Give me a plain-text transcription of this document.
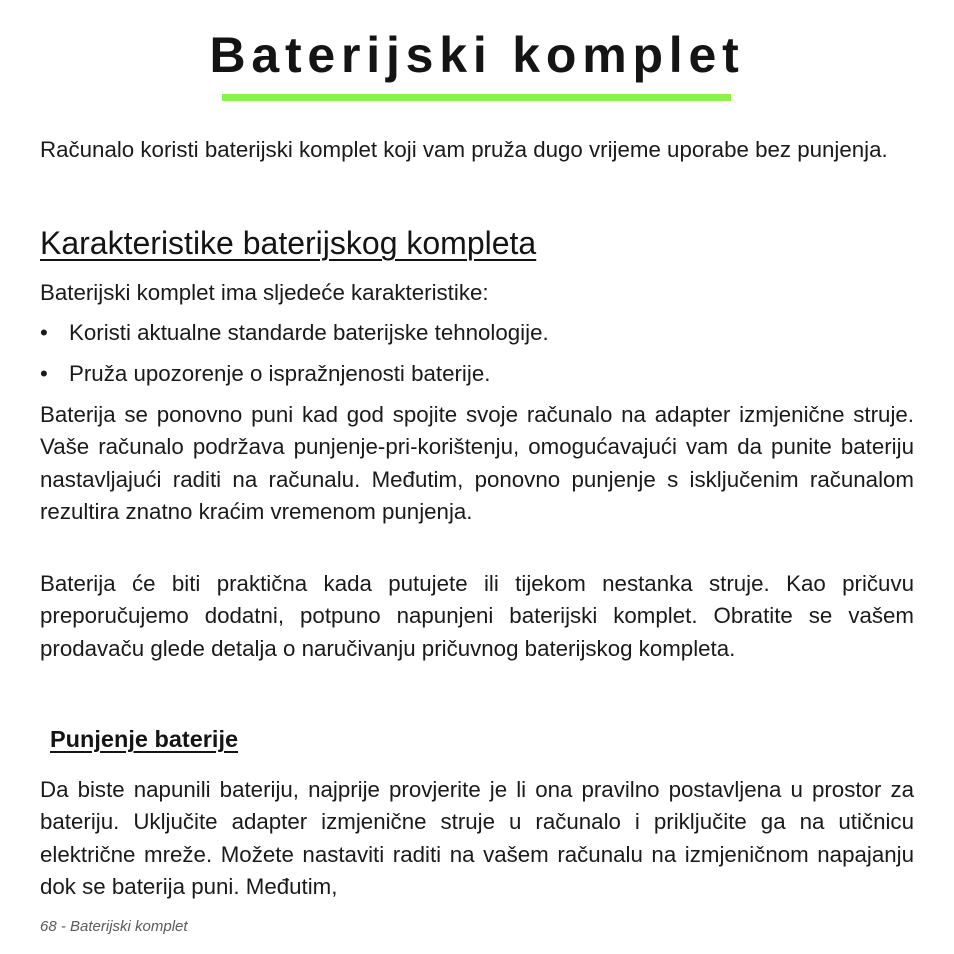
Baterijski komplet

Računalo koristi baterijski komplet koji vam pruža dugo vrijeme uporabe bez punjenja.

Karakteristike baterijskog kompleta

Baterijski komplet ima sljedeće karakteristike:

• Koristi aktualne standarde baterijske tehnologije.
• Pruža upozorenje o ispražnjenosti baterije.

Baterija se ponovno puni kad god spojite svoje računalo na adapter izmjenične struje. Vaše računalo podržava punjenje-pri-korištenju, omogućavajući vam da punite bateriju nastavljajući raditi na računalu. Međutim, ponovno punjenje s isključenim računalom rezultira znatno kraćim vremenom punjenja.

Baterija će biti praktična kada putujete ili tijekom nestanka struje. Kao pričuvu preporučujemo dodatni, potpuno napunjeni baterijski komplet. Obratite se vašem prodavaču glede detalja o naručivanju pričuvnog baterijskog kompleta.

Punjenje baterije

Da biste napunili bateriju, najprije provjerite je li ona pravilno postavljena u prostor za bateriju. Uključite adapter izmjenične struje u računalo i priključite ga na utičnicu električne mreže. Možete nastaviti raditi na vašem računalu na izmjeničnom napajanju dok se baterija puni. Međutim,

68 - Baterijski komplet
